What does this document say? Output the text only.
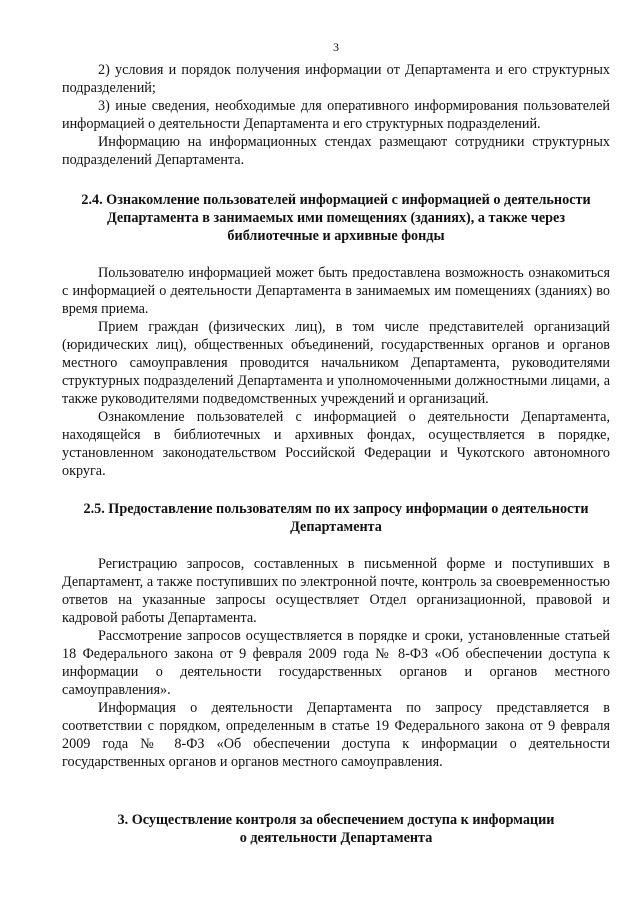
3

2) условия и порядок получения информации от Департамента и его структурных подразделений;

3) иные сведения, необходимые для оперативного информирования пользователей информацией о деятельности Департамента и его структурных подразделений.

Информацию на информационных стендах размещают сотрудники структурных подразделений Департамента.

2.4. Ознакомление пользователей информацией с информацией о деятельности Департамента в занимаемых ими помещениях (зданиях), а также через библиотечные и архивные фонды

Пользователю информацией может быть предоставлена возможность ознакомиться с информацией о деятельности Департамента в занимаемых им помещениях (зданиях) во время приема.

Прием граждан (физических лиц), в том числе представителей организаций (юридических лиц), общественных объединений, государственных органов и органов местного самоуправления проводится начальником Департамента, руководителями структурных подразделений Департамента и уполномоченными должностными лицами, а также руководителями подведомственных учреждений и организаций.

Ознакомление пользователей с информацией о деятельности Департамента, находящейся в библиотечных и архивных фондах, осуществляется в порядке, установленном законодательством Российской Федерации и Чукотского автономного округа.

2.5. Предоставление пользователям по их запросу информации о деятельности Департамента

Регистрацию запросов, составленных в письменной форме и поступивших в Департамент, а также поступивших по электронной почте, контроль за своевременностью ответов на указанные запросы осуществляет Отдел организационной, правовой и кадровой работы Департамента.

Рассмотрение запросов осуществляется в порядке и сроки, установленные статьей 18 Федерального закона от 9 февраля 2009 года № 8-ФЗ «Об обеспечении доступа к информации о деятельности государственных органов и органов местного самоуправления».

Информация о деятельности Департамента по запросу представляется в соответствии с порядком, определенным в статье 19 Федерального закона от 9 февраля 2009 года № 8-ФЗ «Об обеспечении доступа к информации о деятельности государственных органов и органов местного самоуправления.

3. Осуществление контроля за обеспечением доступа к информации
о деятельности Департамента
